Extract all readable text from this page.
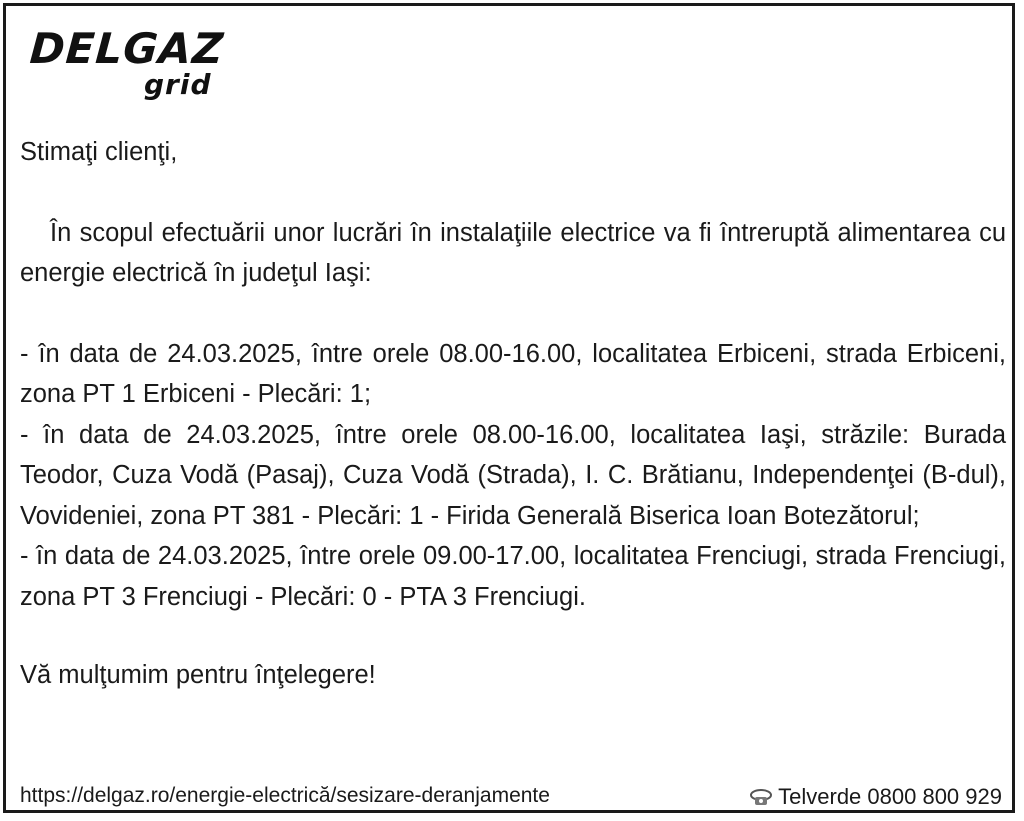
DELGAZ
grid

Stimaţi clienţi,

În scopul efectuării unor lucrări în instalaţiile electrice va fi întreruptă alimentarea cu energie electrică în judeţul Iaşi:

- în data de 24.03.2025, între orele 08.00-16.00, localitatea Erbiceni, strada Erbiceni, zona PT 1 Erbiceni - Plecări: 1;

- în data de 24.03.2025, între orele 08.00-16.00, localitatea Iaşi, străzile: Burada Teodor, Cuza Vodă (Pasaj), Cuza Vodă (Strada), I. C. Brătianu, Independenţei (B-dul), Vovideniei, zona PT 381 - Plecări: 1 - Firida Generală Biserica Ioan Botezătorul;

- în data de 24.03.2025, între orele 09.00-17.00, localitatea Frenciugi, strada Frenciugi, zona PT 3 Frenciugi - Plecări: 0 - PTA 3 Frenciugi.

Vă mulţumim pentru înţelegere!

https://delgaz.ro/energie-electrică/sesizare-deranjamente	Telverde 0800 800 929
